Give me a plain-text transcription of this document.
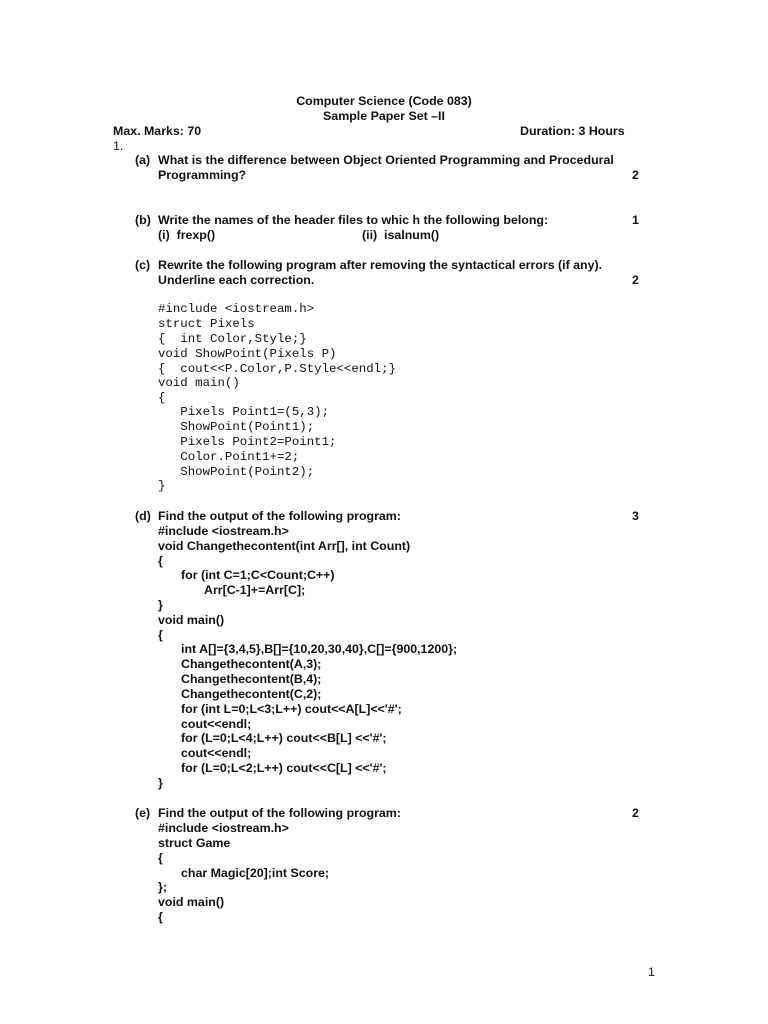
Computer Science (Code 083)
Sample Paper Set –II
Max. Marks: 70	Duration: 3 Hours
1.
(a) What is the difference between Object Oriented Programming and Procedural
Programming?	2
(b) Write the names of the header files to whic h the following belong:	1
(i)  frexp()	(ii)  isalnum()
(c) Rewrite the following program after removing the syntactical errors (if any).
Underline each correction.	2
#include <iostream.h>
struct Pixels
{  int Color,Style;}
void ShowPoint(Pixels P)
{  cout<<P.Color,P.Style<<endl;}
void main()
{
Pixels Point1=(5,3);
ShowPoint(Point1);
Pixels Point2=Point1;
Color.Point1+=2;
ShowPoint(Point2);
}
(d) Find the output of the following program:	3
#include <iostream.h>
void Changethecontent(int Arr[], int Count)
{
for (int C=1;C<Count;C++)
Arr[C-1]+=Arr[C];
}
void main()
{
int A[]={3,4,5},B[]={10,20,30,40},C[]={900,1200};
Changethecontent(A,3);
Changethecontent(B,4);
Changethecontent(C,2);
for (int L=0;L<3;L++) cout<<A[L]<<'#';
cout<<endl;
for (L=0;L<4;L++) cout<<B[L] <<'#';
cout<<endl;
for (L=0;L<2;L++) cout<<C[L] <<'#';
}
(e) Find the output of the following program:	2
#include <iostream.h>
struct Game
{
char Magic[20];int Score;
};
void main()
{
1
